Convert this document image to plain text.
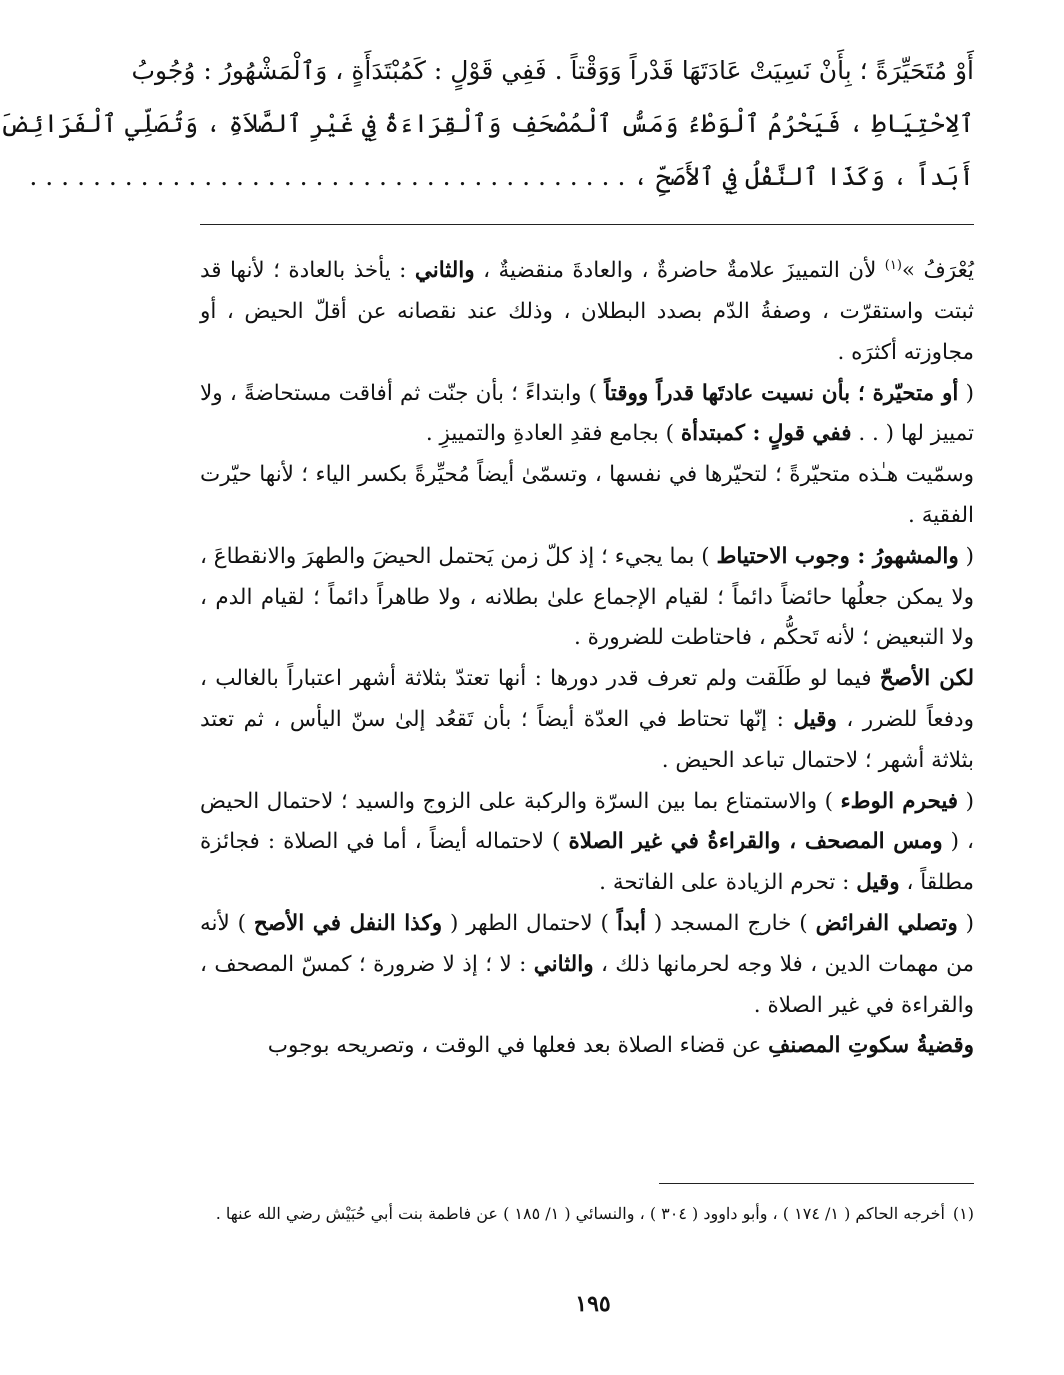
أَوْ مُتَحَيِّرَةً ؛ بِأَنْ نَسِيَتْ عَادَتَهَا قَدْراً وَوَقْتاً . فَفِي قَوْلٍ : كَمُبْتَدَأَةٍ ، وَٱلْمَشْهُورُ : وُجُوبُ
ٱلِاحْتِيَاطِ ، فَيَحْرُمُ ٱلْوَطْءُ وَمَسُّ ٱلْمُصْحَفِ وَٱلْقِرَاءَةُ فِي غَيْرِ ٱلصَّلاَةِ ، وَتُصَلِّي ٱلْفَرَائِضَ
أَبَداً ، وَكَذَا ٱلنَّفْلُ فِي ٱلأَصَحِّ ، . . . . . . . . . . . . . . . . . . . . . . . . . . . . . . . . . . . . . .

يُعْرَفُ »$^{(١)}$ لأن التمييزَ علامةٌ حاضرةٌ ، والعادةَ منقضيةٌ ، والثاني : يأخذ بالعادة ؛ لأنها قد ثبتت واستقرّت ، وصفةُ الدّم بصدد البطلان ، وذلك عند نقصانه عن أقلّ الحيض ، أو مجاوزته أكثرَه .

( أو متحيّرة ؛ بأن نسيت عادتَها قدراً ووقتاً ) وابتداءً ؛ بأن جنّت ثم أفاقت مستحاضةً ، ولا تمييز لها ( . . ففي قولٍ : كمبتدأة ) بجامع فقدِ العادةِ والتمييزِ .

وسمّيت هـٰذه متحيّرةً ؛ لتحيّرها في نفسها ، وتسمّىٰ أيضاً مُحيِّرةً بكسر الياء ؛ لأنها حيّرت الفقيهَ .

( والمشهورُ : وجوب الاحتياط ) بما يجيء ؛ إذ كلّ زمن يَحتمل الحيضَ والطهرَ والانقطاعَ ، ولا يمكن جعلُها حائضاً دائماً ؛ لقيام الإجماع علىٰ بطلانه ، ولا طاهراً دائماً ؛ لقيام الدم ، ولا التبعيض ؛ لأنه تَحكُّم ، فاحتاطت للضرورة .

لكن الأصحّ فيما لو طَلَقت ولم تعرف قدر دورها : أنها تعتدّ بثلاثة أشهر اعتباراً بالغالب ، ودفعاً للضرر ، وقيل : إنّها تحتاط في العدّة أيضاً ؛ بأن تَقعُد إلىٰ سنّ اليأس ، ثم تعتد بثلاثة أشهر ؛ لاحتمال تباعد الحيض .

( فيحرم الوطء ) والاستمتاع بما بين السرّة والركبة على الزوج والسيد ؛ لاحتمال الحيض ، ( ومس المصحف ، والقراءةُ في غير الصلاة ) لاحتماله أيضاً ، أما في الصلاة : فجائزة مطلقاً ، وقيل : تحرم الزيادة على الفاتحة .

( وتصلي الفرائض ) خارج المسجد ( أبداً ) لاحتمال الطهر ( وكذا النفل في الأصح ) لأنه من مهمات الدين ، فلا وجه لحرمانها ذلك ، والثاني : لا ؛ إذ لا ضرورة ؛ كمسّ المصحف ، والقراءة في غير الصلاة .

وقضيةُ سكوتِ المصنفِ عن قضاء الصلاة بعد فعلها في الوقت ، وتصريحه بوجوب

(١)أخرجه الحاكم ( ١/ ١٧٤ ) ، وأبو داوود ( ٣٠٤ ) ، والنسائي ( ١/ ١٨٥ ) عن فاطمة بنت أبي حُبَيْش رضي الله عنها .
١٩٥
